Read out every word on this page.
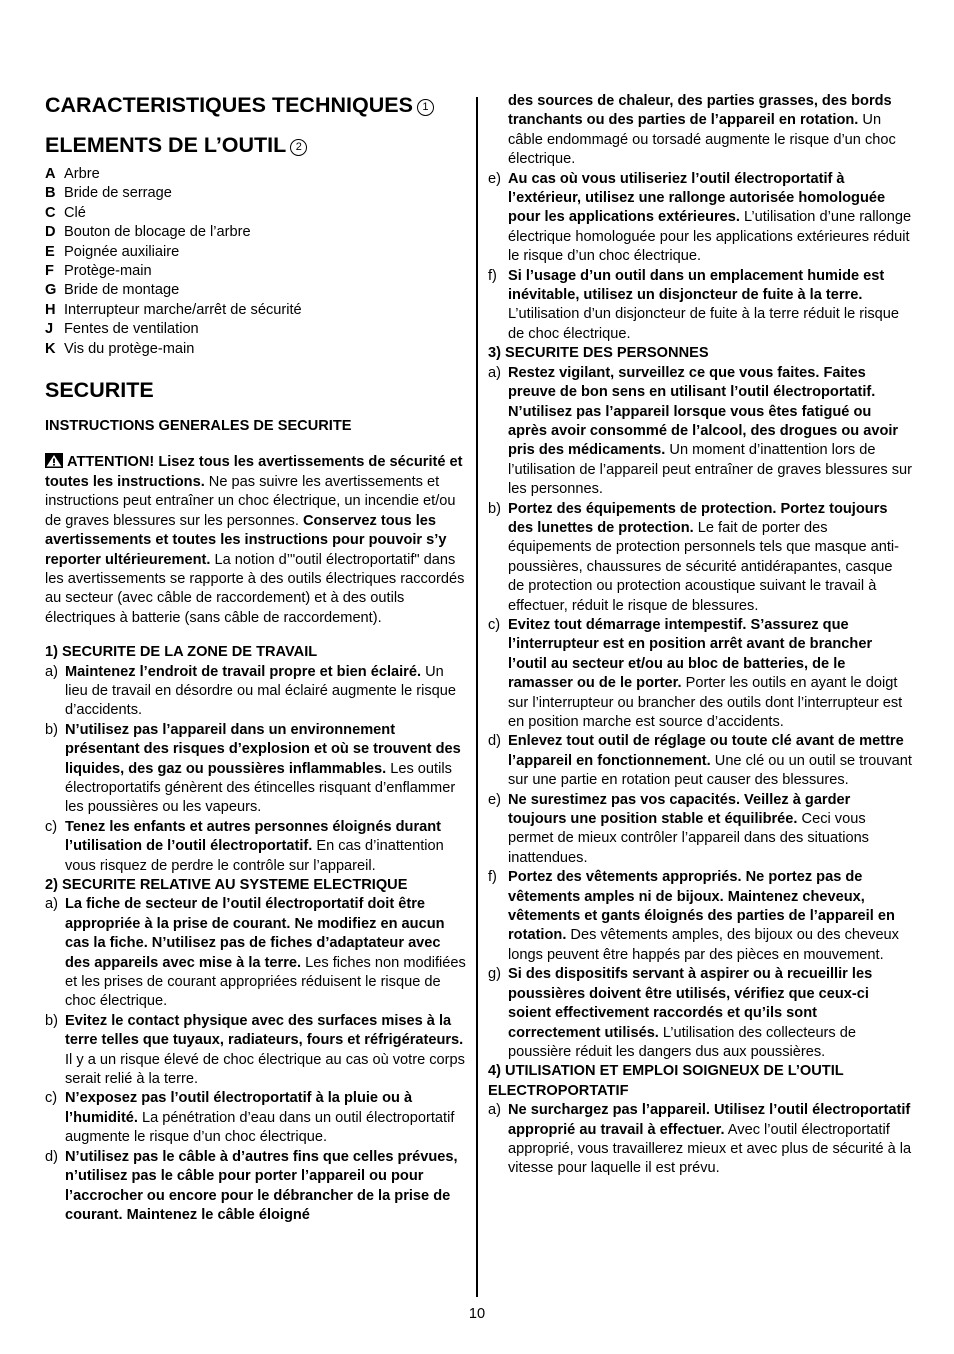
CARACTERISTIQUES TECHNIQUES 1
ELEMENTS DE L’OUTIL 2
A Arbre
B Bride de serrage
C Clé
D Bouton de blocage de l’arbre
E Poignée auxiliaire
F Protège-main
G Bride de montage
H Interrupteur marche/arrêt de sécurité
J Fentes de ventilation
K Vis du protège-main
SECURITE

INSTRUCTIONS GENERALES DE SECURITE

ATTENTION! Lisez tous les avertissements de sécurité et toutes les instructions. Ne pas suivre les avertissements et instructions peut entraîner un choc électrique, un incendie et/ou de graves blessures sur les personnes. Conservez tous les avertissements et toutes les instructions pour pouvoir s’y reporter ultérieurement. La notion d’"outil électroportatif" dans les avertissements se rapporte à des outils électriques raccordés au secteur (avec câble de raccordement) et à des outils électriques à batterie (sans câble de raccordement).

1) SECURITE DE LA ZONE DE TRAVAIL

a) Maintenez l’endroit de travail propre et bien éclairé. Un lieu de travail en désordre ou mal éclairé augmente le risque d’accidents.
b) N’utilisez pas l’appareil dans un environnement présentant des risques d’explosion et où se trouvent des liquides, des gaz ou poussières inflammables. Les outils électroportatifs génèrent des étincelles risquant d’enflammer les poussières ou les vapeurs.
c) Tenez les enfants et autres personnes éloignés durant l’utilisation de l’outil électroportatif. En cas d’inattention vous risquez de perdre le contrôle sur l’appareil.

2) SECURITE RELATIVE AU SYSTEME ELECTRIQUE

a) La fiche de secteur de l’outil électroportatif doit être appropriée à la prise de courant. Ne modifiez en aucun cas la fiche. N’utilisez pas de fiches d’adaptateur avec des appareils avec mise à la terre. Les fiches non modifiées et les prises de courant appropriées réduisent le risque de choc électrique.
b) Evitez le contact physique avec des surfaces mises à la terre telles que tuyaux, radiateurs, fours et réfrigérateurs. Il y a un risque élevé de choc électrique au cas où votre corps serait relié à la terre.
c) N’exposez pas l’outil électroportatif à la pluie ou à l’humidité. La pénétration d’eau dans un outil électroportatif augmente le risque d’un choc électrique.
d) N’utilisez pas le câble à d’autres fins que celles prévues, n’utilisez pas le câble pour porter l’appareil ou pour l’accrocher ou encore pour le débrancher de la prise de courant. Maintenez le câble éloigné
des sources de chaleur, des parties grasses, des bords tranchants ou des parties de l’appareil en rotation. Un câble endommagé ou torsadé augmente le risque d’un choc électrique.
e) Au cas où vous utiliseriez l’outil électroportatif à l’extérieur, utilisez une rallonge autorisée homologuée pour les applications extérieures. L’utilisation d’une rallonge électrique homologuée pour les applications extérieures réduit le risque d’un choc électrique.
f) Si l’usage d’un outil dans un emplacement humide est inévitable, utilisez un disjoncteur de fuite à la terre. L’utilisation d’un disjoncteur de fuite à la terre réduit le risque de choc électrique.

3) SECURITE DES PERSONNES

a) Restez vigilant, surveillez ce que vous faites. Faites preuve de bon sens en utilisant l’outil électroportatif. N’utilisez pas l’appareil lorsque vous êtes fatigué ou après avoir consommé de l’alcool, des drogues ou avoir pris des médicaments. Un moment d’inattention lors de l’utilisation de l’appareil peut entraîner de graves blessures sur les personnes.
b) Portez des équipements de protection. Portez toujours des lunettes de protection. Le fait de porter des équipements de protection personnels tels que masque anti-poussières, chaussures de sécurité antidérapantes, casque de protection ou protection acoustique suivant le travail à effectuer, réduit le risque de blessures.
c) Evitez tout démarrage intempestif. S’assurez que l’interrupteur est en position arrêt avant de brancher l’outil au secteur et/ou au bloc de batteries, de le ramasser ou de le porter. Porter les outils en ayant le doigt sur l’interrupteur ou brancher des outils dont l’interrupteur est en position marche est source d’accidents.
d) Enlevez tout outil de réglage ou toute clé avant de mettre l’appareil en fonctionnement. Une clé ou un outil se trouvant sur une partie en rotation peut causer des blessures.
e) Ne surestimez pas vos capacités. Veillez à garder toujours une position stable et équilibrée. Ceci vous permet de mieux contrôler l’appareil dans des situations inattendues.
f) Portez des vêtements appropriés. Ne portez pas de vêtements amples ni de bijoux. Maintenez cheveux, vêtements et gants éloignés des parties de l’appareil en rotation. Des vêtements amples, des bijoux ou des cheveux longs peuvent être happés par des pièces en mouvement.
g) Si des dispositifs servant à aspirer ou à recueillir les poussières doivent être utilisés, vérifiez que ceux-ci soient effectivement raccordés et qu’ils sont correctement utilisés. L’utilisation des collecteurs de poussière réduit les dangers dus aux poussières.

4) UTILISATION ET EMPLOI SOIGNEUX DE L’OUTIL ELECTROPORTATIF

a) Ne surchargez pas l’appareil. Utilisez l’outil électroportatif approprié au travail à effectuer. Avec l’outil électroportatif approprié, vous travaillerez mieux et avec plus de sécurité à la vitesse pour laquelle il est prévu.
10
